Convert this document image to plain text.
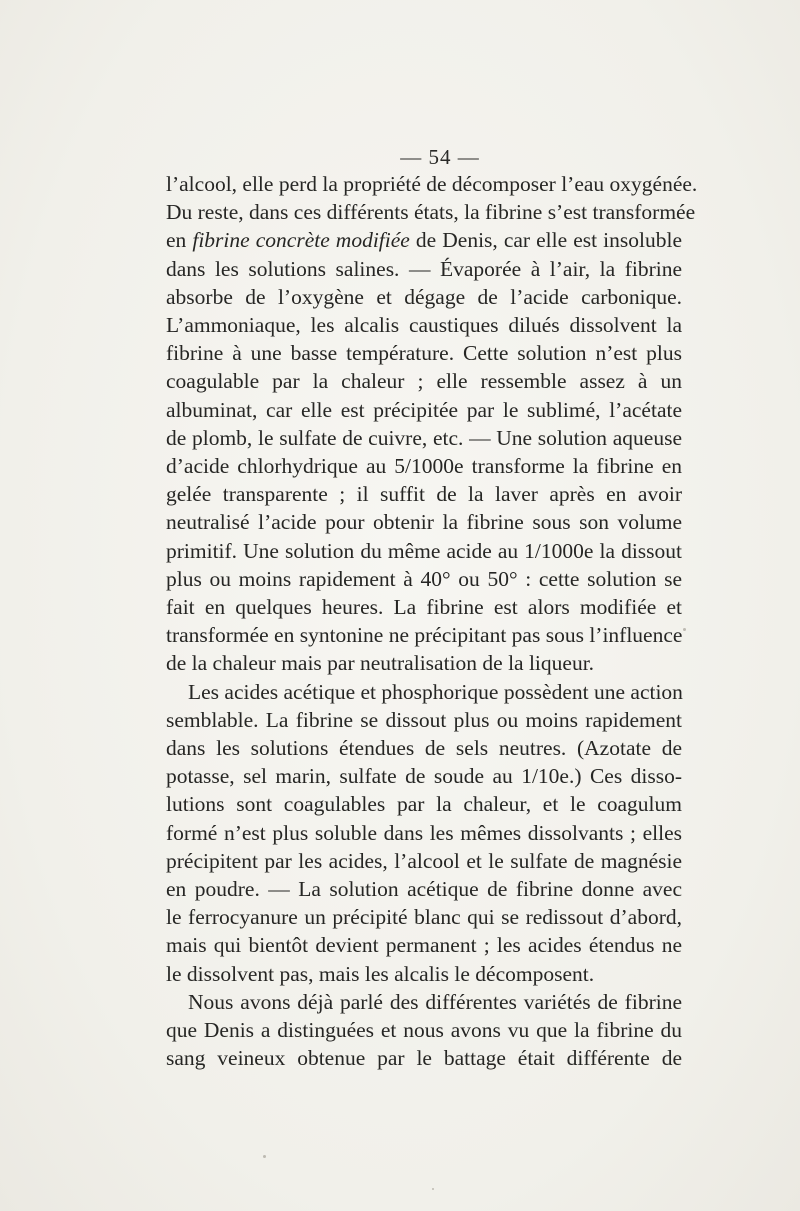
— 54 —
l’alcool, elle perd la propriété de décomposer l’eau oxygénée.
Du reste, dans ces différents états, la fibrine s’est transformée
en fibrine concrète modifiée de Denis, car elle est insoluble
dans les solutions salines. — Évaporée à l’air, la fibrine
absorbe de l’oxygène et dégage de l’acide carbonique.
L’ammoniaque, les alcalis caustiques dilués dissolvent la
fibrine à une basse température. Cette solution n’est plus
coagulable par la chaleur ; elle ressemble assez à un
albuminat, car elle est précipitée par le sublimé, l’acétate
de plomb, le sulfate de cuivre, etc. — Une solution aqueuse
d’acide chlorhydrique au 5/1000e transforme la fibrine en
gelée transparente ; il suffit de la laver après en avoir
neutralisé l’acide pour obtenir la fibrine sous son volume
primitif. Une solution du même acide au 1/1000e la dissout
plus ou moins rapidement à 40° ou 50° : cette solution se
fait en quelques heures. La fibrine est alors modifiée et
transformée en syntonine ne précipitant pas sous l’influence
de la chaleur mais par neutralisation de la liqueur.
Les acides acétique et phosphorique possèdent une action
semblable. La fibrine se dissout plus ou moins rapidement
dans les solutions étendues de sels neutres. (Azotate de
potasse, sel marin, sulfate de soude au 1/10e.) Ces disso-
lutions sont coagulables par la chaleur, et le coagulum
formé n’est plus soluble dans les mêmes dissolvants ; elles
précipitent par les acides, l’alcool et le sulfate de magnésie
en poudre. — La solution acétique de fibrine donne avec
le ferrocyanure un précipité blanc qui se redissout d’abord,
mais qui bientôt devient permanent ; les acides étendus ne
le dissolvent pas, mais les alcalis le décomposent.
Nous avons déjà parlé des différentes variétés de fibrine
que Denis a distinguées et nous avons vu que la fibrine du
sang veineux obtenue par le battage était différente de
